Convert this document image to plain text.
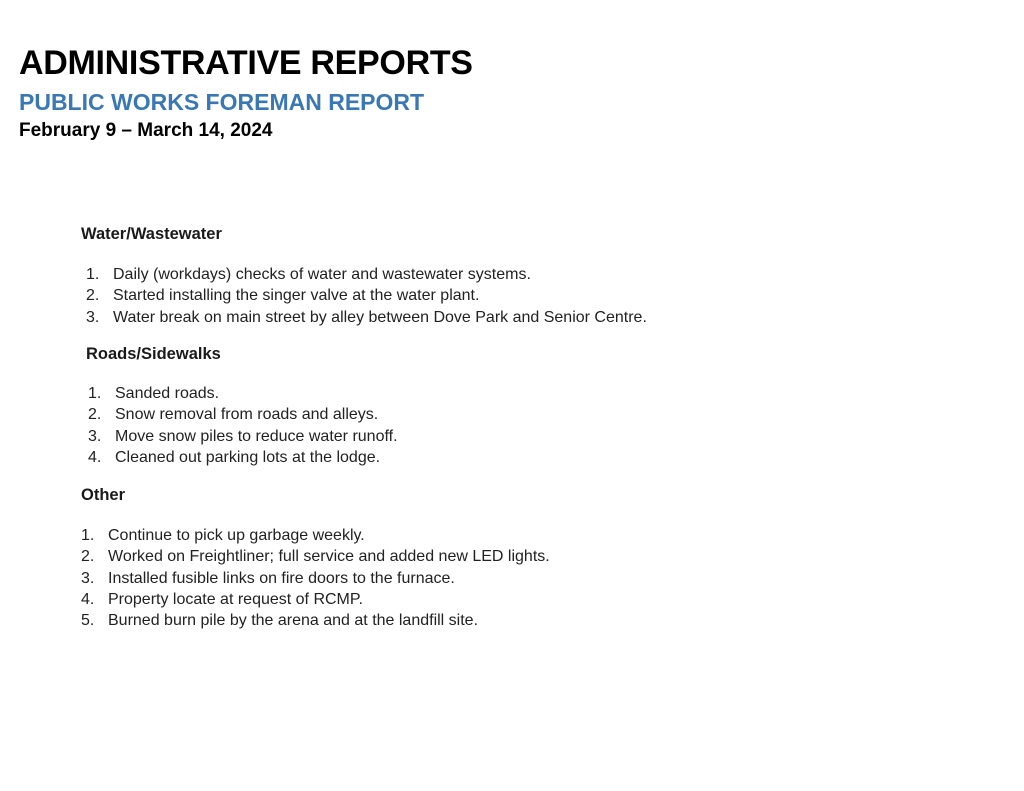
ADMINISTRATIVE REPORTS
PUBLIC WORKS FOREMAN REPORT
February 9 – March 14, 2024
Water/Wastewater
1. Daily (workdays) checks of water and wastewater systems.
2. Started installing the singer valve at the water plant.
3. Water break on main street by alley between Dove Park and Senior Centre.
Roads/Sidewalks
1. Sanded roads.
2. Snow removal from roads and alleys.
3. Move snow piles to reduce water runoff.
4. Cleaned out parking lots at the lodge.
Other
1. Continue to pick up garbage weekly.
2. Worked on Freightliner; full service and added new LED lights.
3. Installed fusible links on fire doors to the furnace.
4. Property locate at request of RCMP.
5. Burned burn pile by the arena and at the landfill site.
